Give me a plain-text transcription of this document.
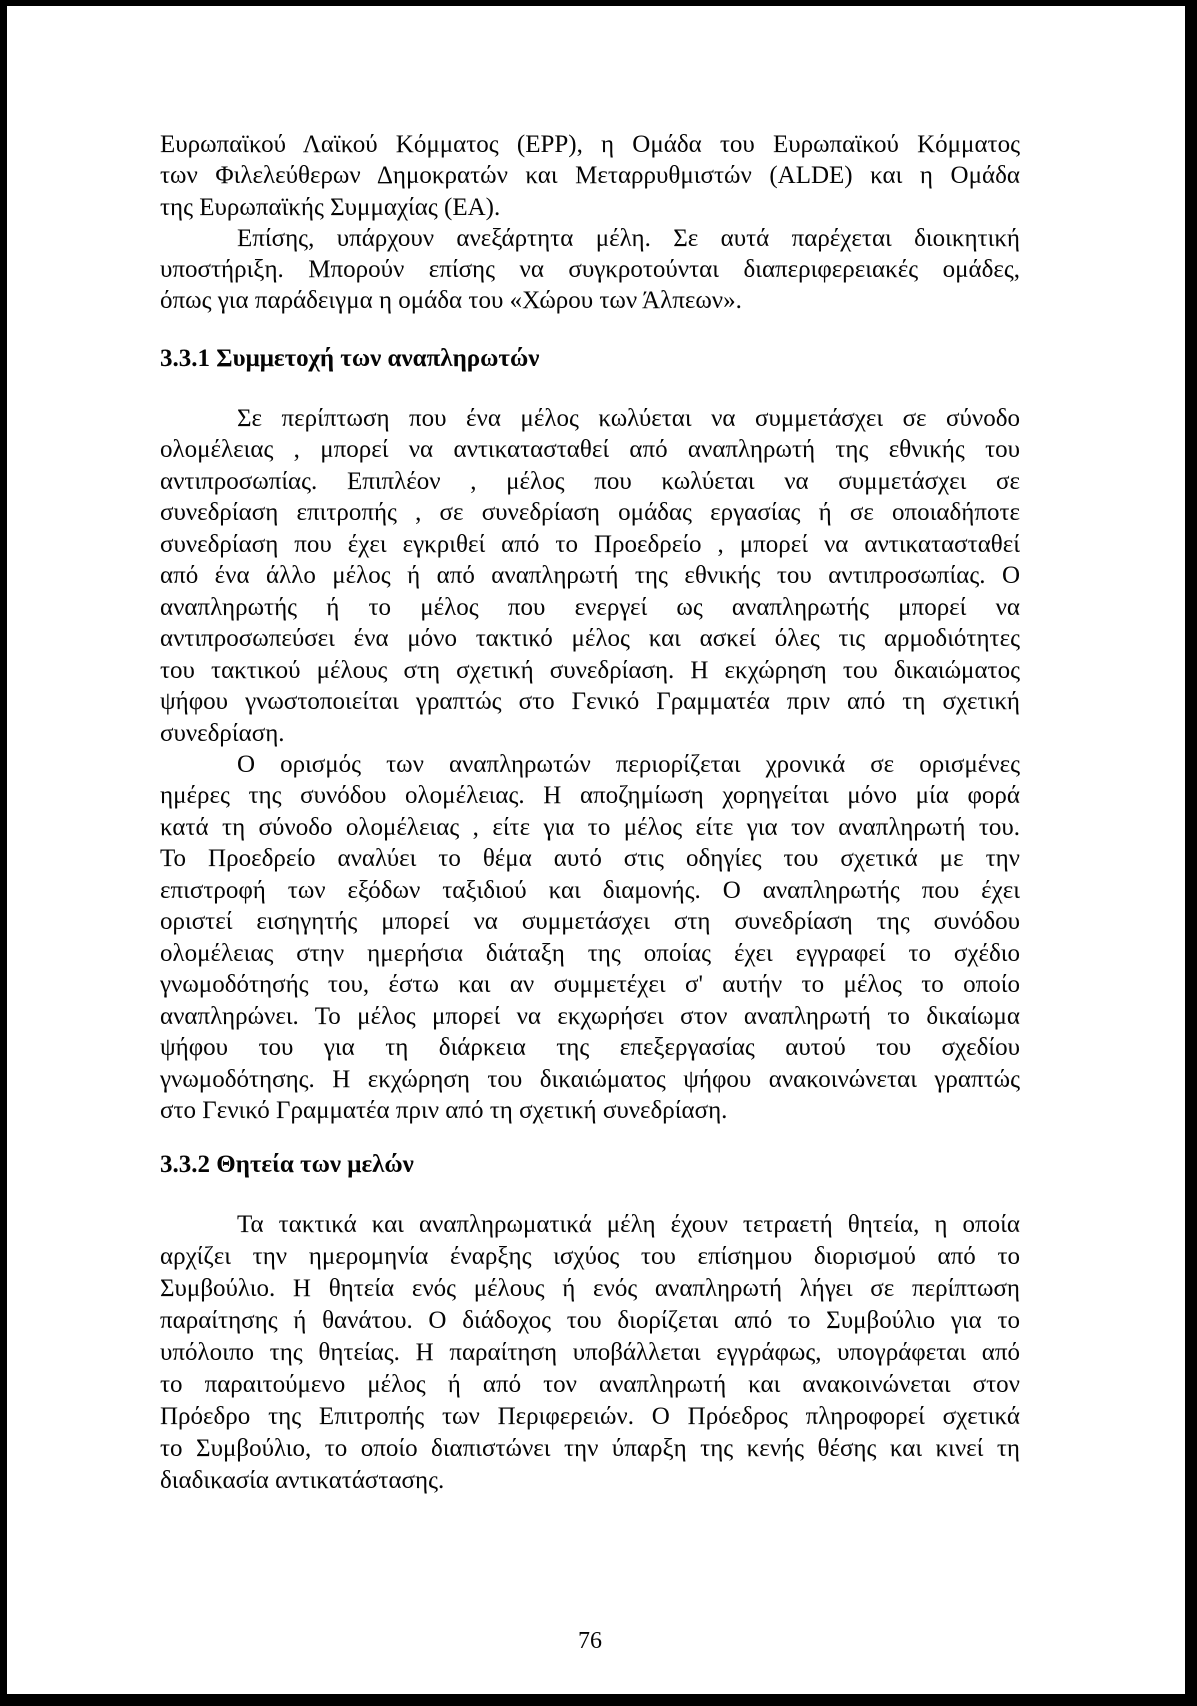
Ευρωπαϊκού Λαϊκού Κόμματος (EPP), η Ομάδα του Ευρωπαϊκού Κόμματος
των Φιλελεύθερων Δημοκρατών και Μεταρρυθμιστών (ALDE) και η Ομάδα
της Ευρωπαϊκής Συμμαχίας (EA).
Επίσης, υπάρχουν ανεξάρτητα μέλη. Σε αυτά παρέχεται διοικητική
υποστήριξη. Μπορούν επίσης να συγκροτούνται διαπεριφερειακές ομάδες,
όπως για παράδειγμα η ομάδα του «Χώρου των Άλπεων».
3.3.1 Συμμετοχή των αναπληρωτών
Σε περίπτωση που ένα μέλος κωλύεται να συμμετάσχει σε σύνοδο
ολομέλειας , μπορεί να αντικατασταθεί από αναπληρωτή της εθνικής του
αντιπροσωπίας. Επιπλέον , μέλος που κωλύεται να συμμετάσχει σε
συνεδρίαση επιτροπής , σε συνεδρίαση ομάδας εργασίας ή σε οποιαδήποτε
συνεδρίαση που έχει εγκριθεί από το Προεδρείο , μπορεί να αντικατασταθεί
από ένα άλλο μέλος ή από αναπληρωτή της εθνικής του αντιπροσωπίας. Ο
αναπληρωτής ή το μέλος που ενεργεί ως αναπληρωτής μπορεί να
αντιπροσωπεύσει ένα μόνο τακτικό μέλος και ασκεί όλες τις αρμοδιότητες
του τακτικού μέλους στη σχετική συνεδρίαση. Η εκχώρηση του δικαιώματος
ψήφου γνωστοποιείται γραπτώς στο Γενικό Γραμματέα πριν από τη σχετική
συνεδρίαση.
Ο ορισμός των αναπληρωτών περιορίζεται χρονικά σε ορισμένες
ημέρες της συνόδου ολομέλειας. Η αποζημίωση χορηγείται μόνο μία φορά
κατά τη σύνοδο ολομέλειας , είτε για το μέλος είτε για τον αναπληρωτή του.
Το Προεδρείο αναλύει το θέμα αυτό στις οδηγίες του σχετικά με την
επιστροφή των εξόδων ταξιδιού και διαμονής. Ο αναπληρωτής που έχει
οριστεί εισηγητής μπορεί να συμμετάσχει στη συνεδρίαση της συνόδου
ολομέλειας στην ημερήσια διάταξη της οποίας έχει εγγραφεί το σχέδιο
γνωμοδότησής του, έστω και αν συμμετέχει σ' αυτήν το μέλος το οποίο
αναπληρώνει. Το μέλος μπορεί να εκχωρήσει στον αναπληρωτή το δικαίωμα
ψήφου του για τη διάρκεια της επεξεργασίας αυτού του σχεδίου
γνωμοδότησης. Η εκχώρηση του δικαιώματος ψήφου ανακοινώνεται γραπτώς
στο Γενικό Γραμματέα πριν από τη σχετική συνεδρίαση.
3.3.2 Θητεία των μελών
Τα τακτικά και αναπληρωματικά μέλη έχουν τετραετή θητεία, η οποία
αρχίζει την ημερομηνία έναρξης ισχύος του επίσημου διορισμού από το
Συμβούλιο. Η θητεία ενός μέλους ή ενός αναπληρωτή λήγει σε περίπτωση
παραίτησης ή θανάτου. Ο διάδοχος του διορίζεται από το Συμβούλιο για το
υπόλοιπο της θητείας. Η παραίτηση υποβάλλεται εγγράφως, υπογράφεται από
το παραιτούμενο μέλος ή από τον αναπληρωτή και ανακοινώνεται στον
Πρόεδρο της Επιτροπής των Περιφερειών. Ο Πρόεδρος πληροφορεί σχετικά
το Συμβούλιο, το οποίο διαπιστώνει την ύπαρξη της κενής θέσης και κινεί τη
διαδικασία αντικατάστασης.
76
